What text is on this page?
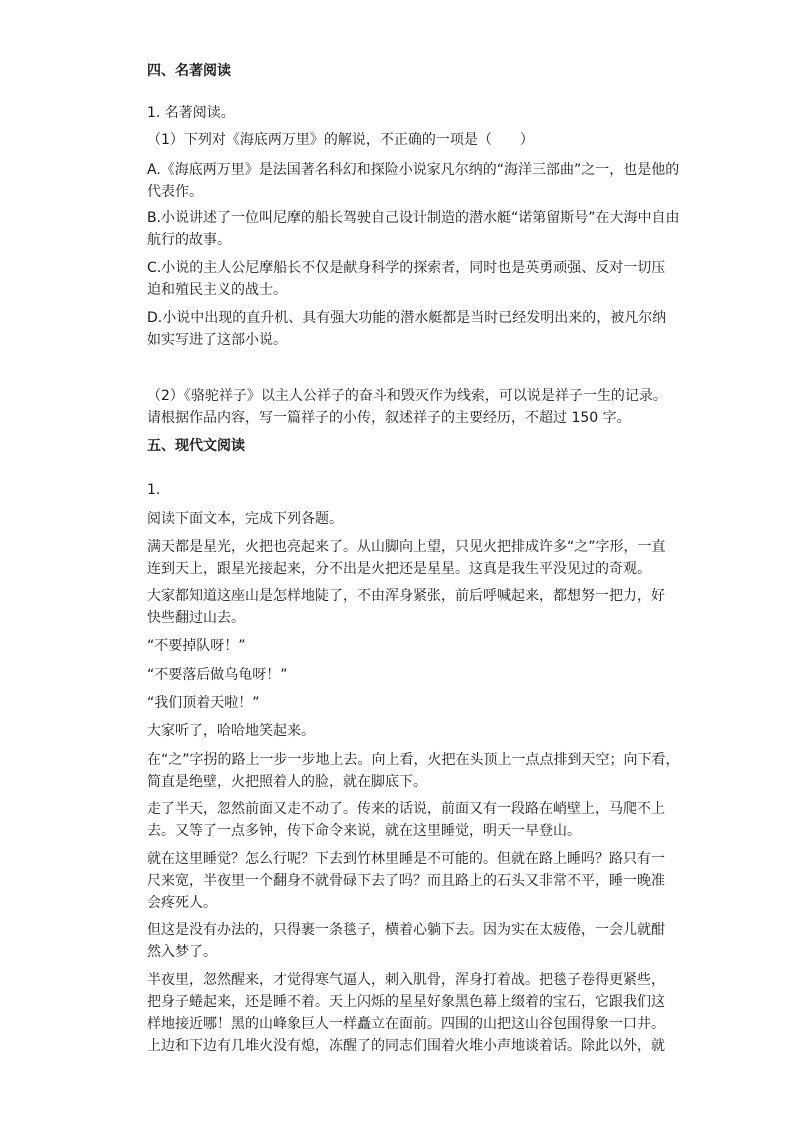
四、名著阅读
1. 名著阅读。
（1）下列对《海底两万里》的解说，不正确的一项是（　　）
A.《海底两万里》是法国著名科幻和探险小说家凡尔纳的“海洋三部曲”之一，也是他的
代表作。
B.小说讲述了一位叫尼摩的船长驾驶自己设计制造的潜水艇“诺第留斯号”在大海中自由
航行的故事。
C.小说的主人公尼摩船长不仅是献身科学的探索者，同时也是英勇顽强、反对一切压
迫和殖民主义的战士。
D.小说中出现的直升机、具有强大功能的潜水艇都是当时已经发明出来的，被凡尔纳
如实写进了这部小说。
（2）《骆驼祥子》以主人公祥子的奋斗和毁灭作为线索，可以说是祥子一生的记录。
请根据作品内容，写一篇祥子的小传，叙述祥子的主要经历，不超过 150 字。
五、现代文阅读
1.
阅读下面文本，完成下列各题。
满天都是星光，火把也亮起来了。从山脚向上望，只见火把排成许多“之”字形，一直
连到天上，跟星光接起来，分不出是火把还是星星。这真是我生平没见过的奇观。
大家都知道这座山是怎样地陡了，不由浑身紧张，前后呼喊起来，都想努一把力，好
快些翻过山去。
“不要掉队呀！”
“不要落后做乌龟呀！”
“我们顶着天啦！”
大家听了，哈哈地笑起来。
在“之”字拐的路上一步一步地上去。向上看，火把在头顶上一点点排到天空；向下看，
简直是绝壁，火把照着人的脸，就在脚底下。
走了半天，忽然前面又走不动了。传来的话说，前面又有一段路在峭壁上，马爬不上
去。又等了一点多钟，传下命令来说，就在这里睡觉，明天一早登山。
就在这里睡觉？怎么行呢？下去到竹林里睡是不可能的。但就在路上睡吗？路只有一
尺来宽，半夜里一个翻身不就骨碌下去了吗？而且路上的石头又非常不平，睡一晚准
会疼死人。
但这是没有办法的，只得裹一条毯子，横着心躺下去。因为实在太疲倦，一会儿就酣
然入梦了。
半夜里，忽然醒来，才觉得寒气逼人，刺入肌骨，浑身打着战。把毯子卷得更紧些，
把身子蜷起来，还是睡不着。天上闪烁的星星好象黑色幕上缀着的宝石，它跟我们这
样地接近哪！黑的山峰象巨人一样矗立在面前。四围的山把这山谷包围得象一口井。
上边和下边有几堆火没有熄，冻醒了的同志们围着火堆小声地谈着话。除此以外，就
